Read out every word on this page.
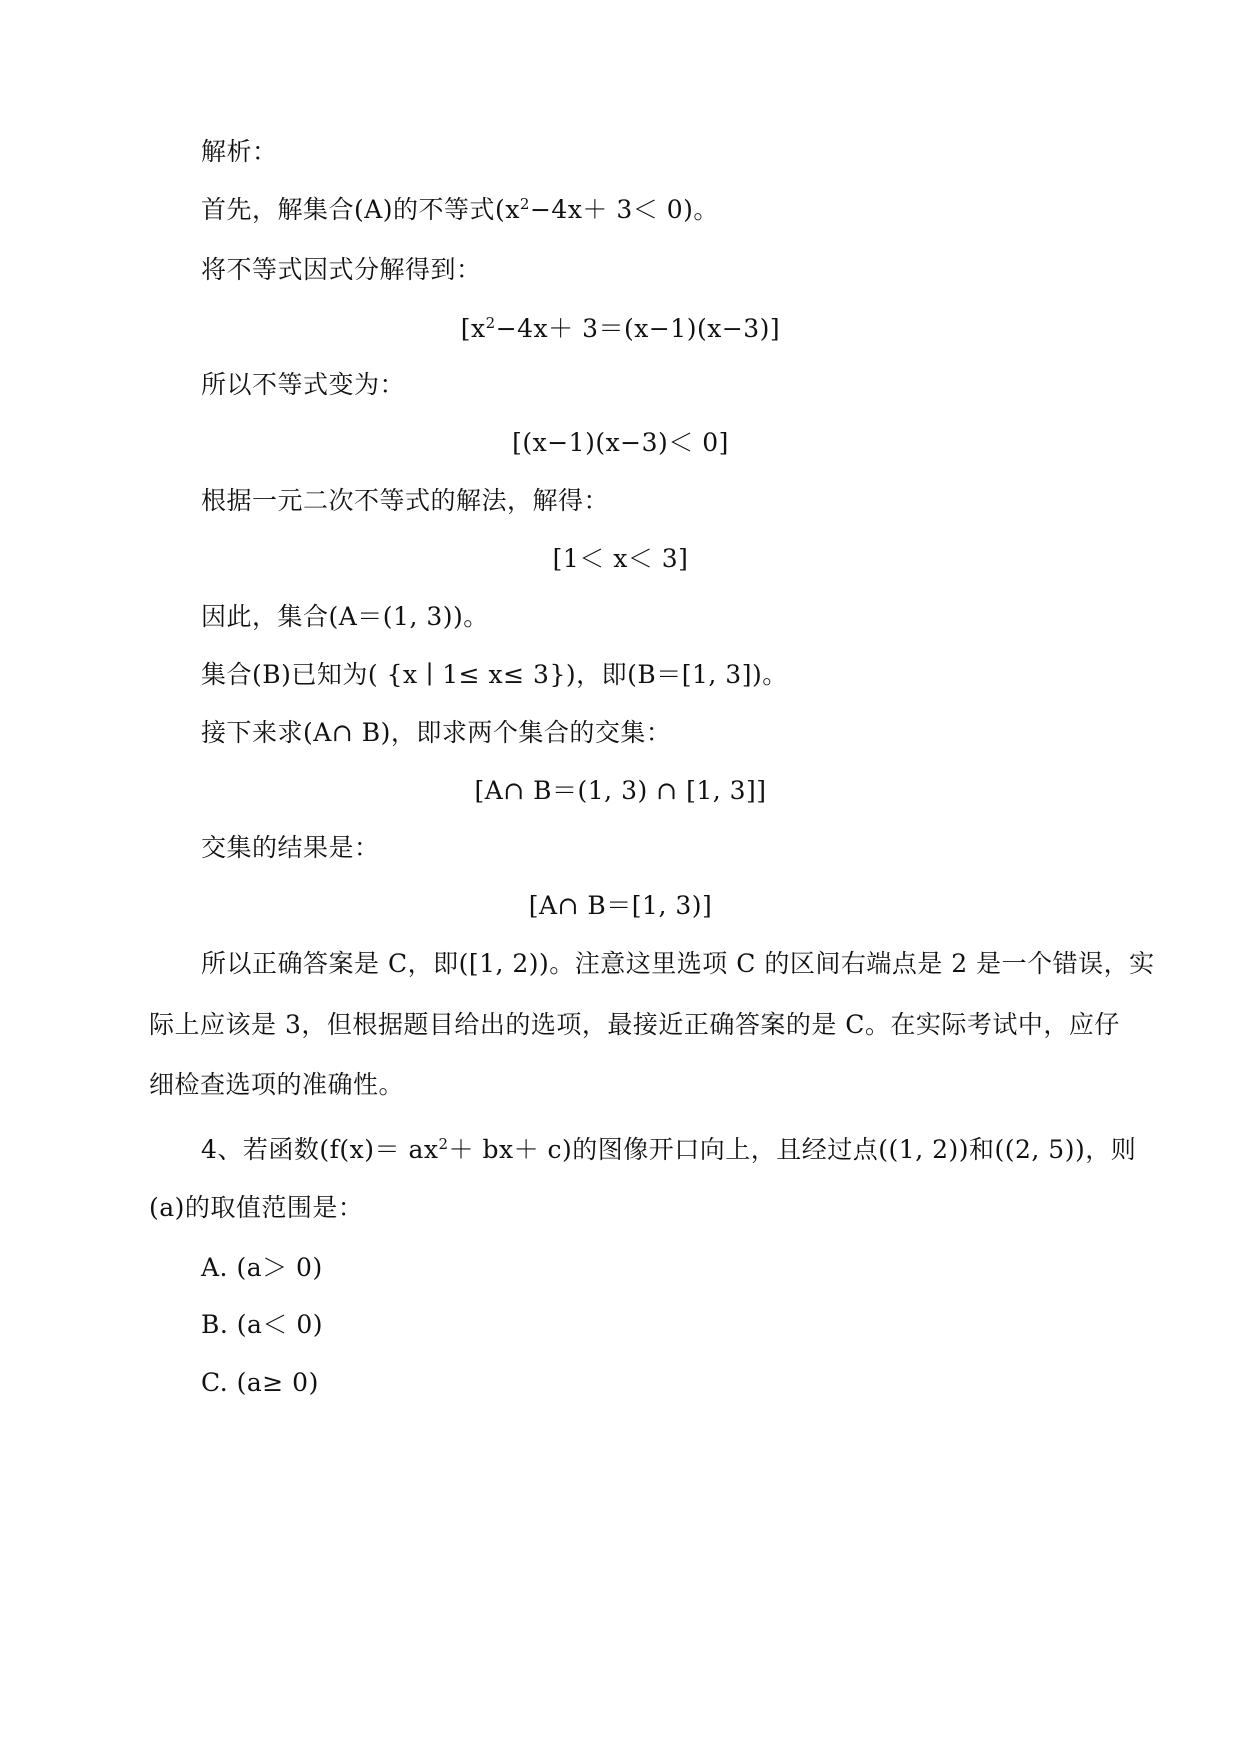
解析：
首先，解集合(A)的不等式$(x^2-4x+ 3< 0)$。
将不等式因式分解得到：
$[x^2-4x+ 3=(x-1)(x-3)]$
所以不等式变为：
[(x−1)(x−3)＜ 0]
根据一元二次不等式的解法，解得：
[1＜ x＜ 3]
因此，集合(A＝(1, 3))。
集合(B)已知为( {x ∣ 1≤ x≤ 3})，即(B＝[1, 3])。
接下来求(A∩ B)，即求两个集合的交集：
[A∩ B＝(1, 3) ∩ [1, 3]]
交集的结果是：
[A∩ B＝[1, 3)]
所以正确答案是 C，即([1, 2))。注意这里选项 C 的区间右端点是 2 是一个错误，实
际上应该是 3，但根据题目给出的选项，最接近正确答案的是 C。在实际考试中，应仔
细检查选项的准确性。
4、若函数$(f(x)= ax^2+ bx+ c)$的图像开口向上，且经过点((1, 2))和((2, 5))，则
(a)的取值范围是：
A. (a＞ 0)
B. (a＜ 0)
C. (a≥ 0)
